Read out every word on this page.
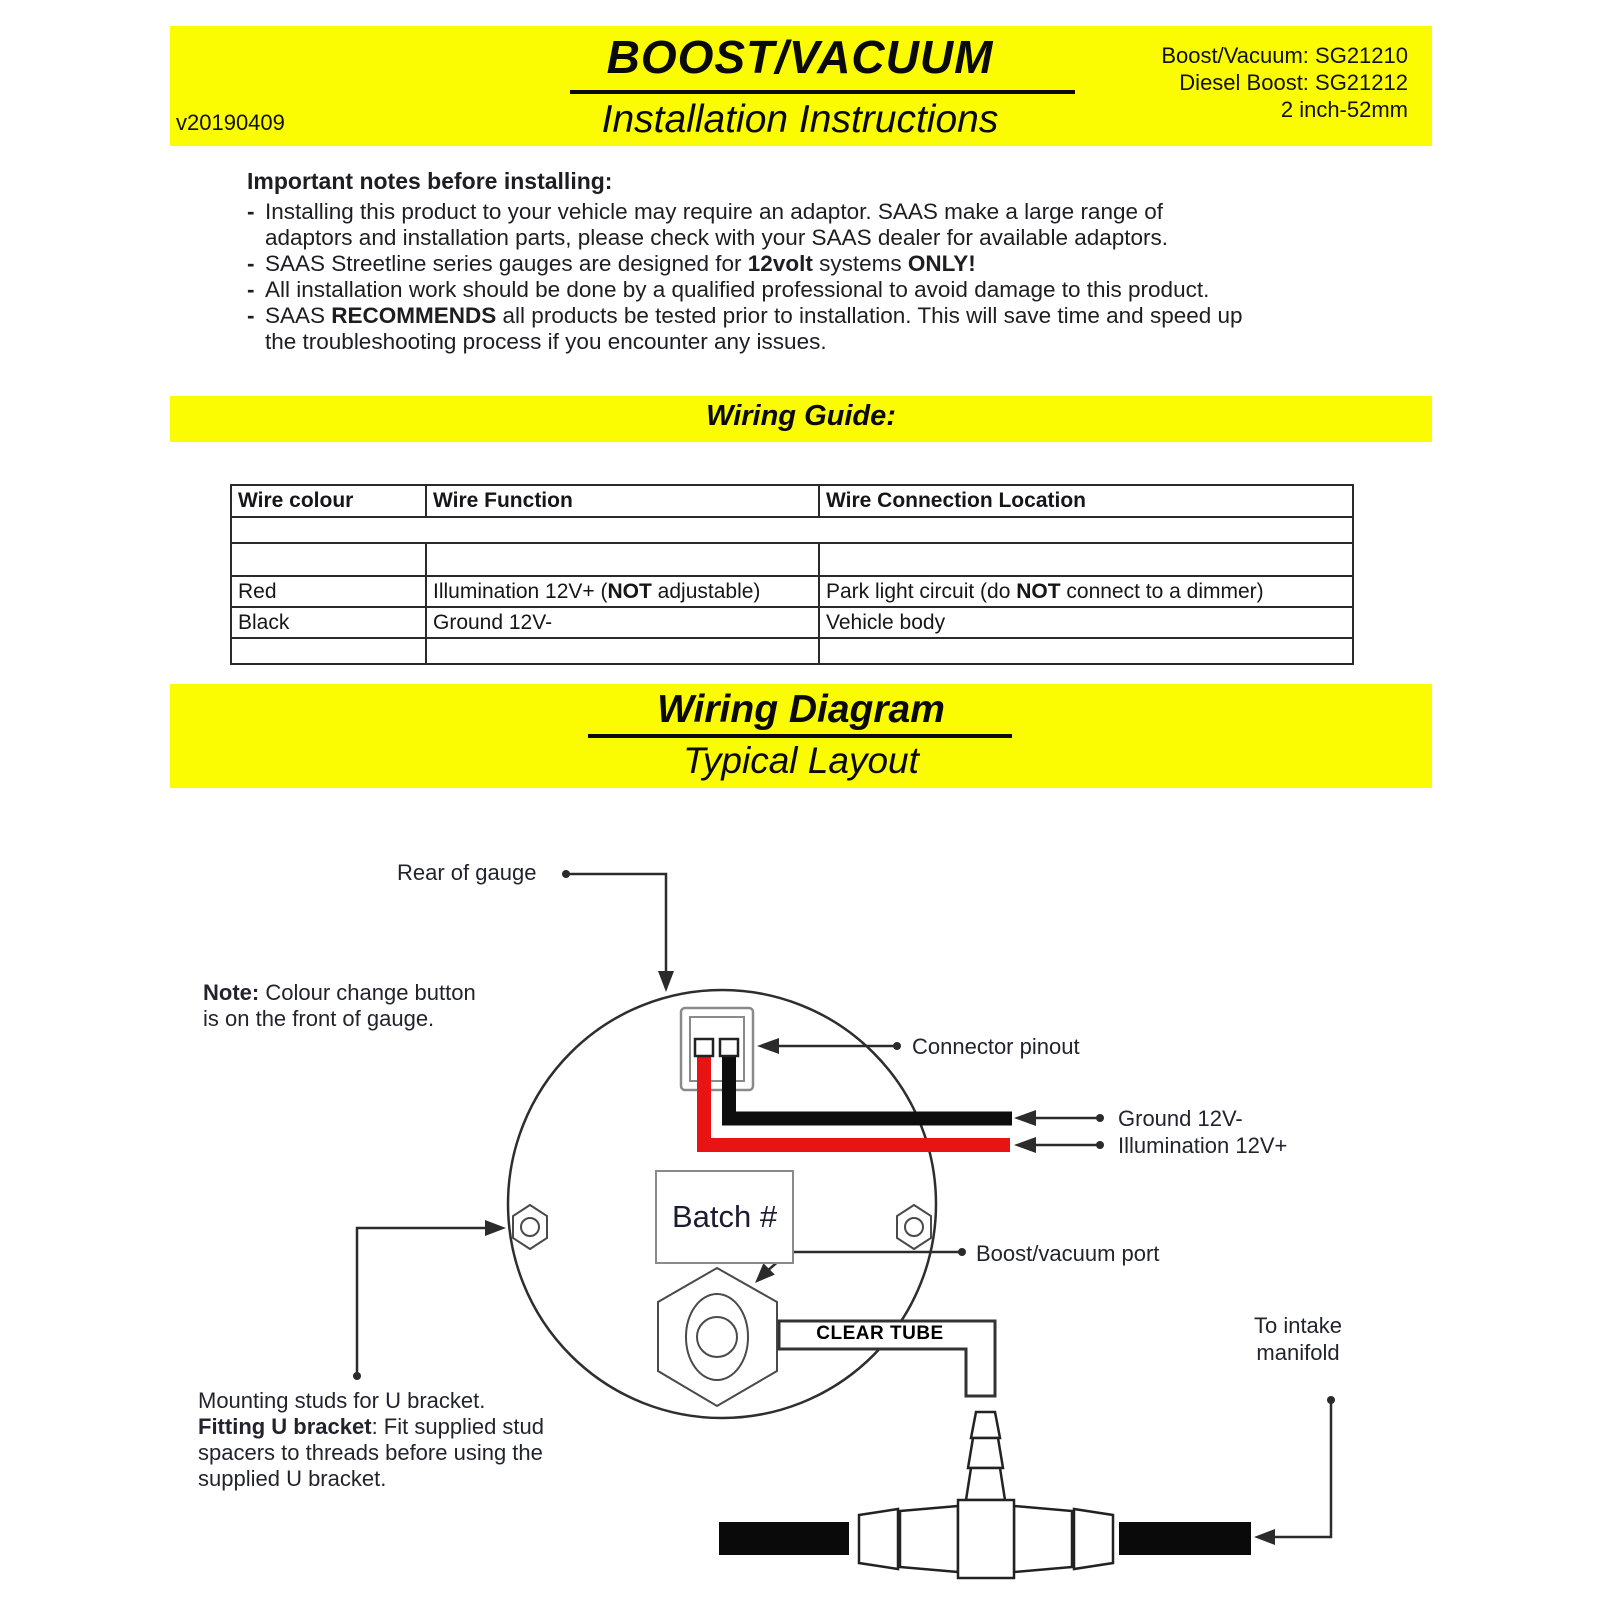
BOOST/VACUUM
Installation Instructions
v20190409
Boost/Vacuum: SG21210
Diesel Boost: SG21212
2 inch-52mm
Important notes before installing:
- Installing this product to your vehicle may require an adaptor. SAAS make a large range of
adaptors and installation parts, please check with your SAAS dealer for available adaptors.
- SAAS Streetline series gauges are designed for 12volt systems ONLY!
- All installation work should be done by a qualified professional to avoid damage to this product.
- SAAS RECOMMENDS all products be tested prior to installation. This will save time and speed up
the troubleshooting process if you encounter any issues.
Wiring Guide:
Wire colour	Wire Function	Wire Connection Location

Red	Illumination 12V+ (NOT adjustable)	Park light circuit (do NOT connect to a dimmer)
Black	Ground 12V-	Vehicle body

Wiring Diagram
Typical Layout
Rear of gauge
Note: Colour change button
is on the front of gauge.
Connector pinout
Ground 12V-
Illumination 12V+
Batch #
Boost/vacuum port
CLEAR TUBE	To intake
manifold
Mounting studs for U bracket.
Fitting U bracket: Fit supplied stud
spacers to threads before using the
supplied U bracket.
